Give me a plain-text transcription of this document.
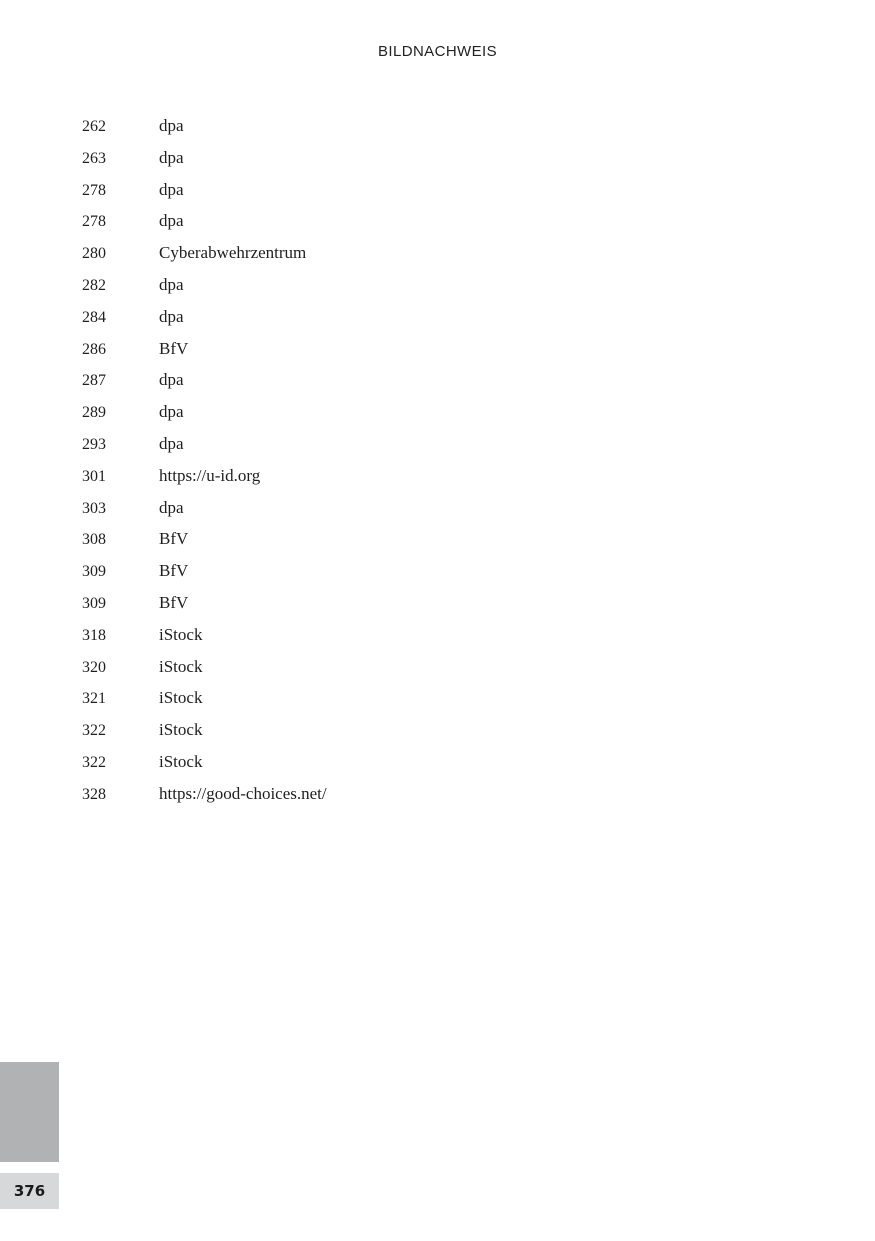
BILDNACHWEIS
262	dpa
263	dpa
278	dpa
278	dpa
280	Cyberabwehrzentrum
282	dpa
284	dpa
286	BfV
287	dpa
289	dpa
293	dpa
301	https://u-id.org
303	dpa
308	BfV
309	BfV
309	BfV
318	iStock
320	iStock
321	iStock
322	iStock
322	iStock
328	https://good-choices.net/
376
